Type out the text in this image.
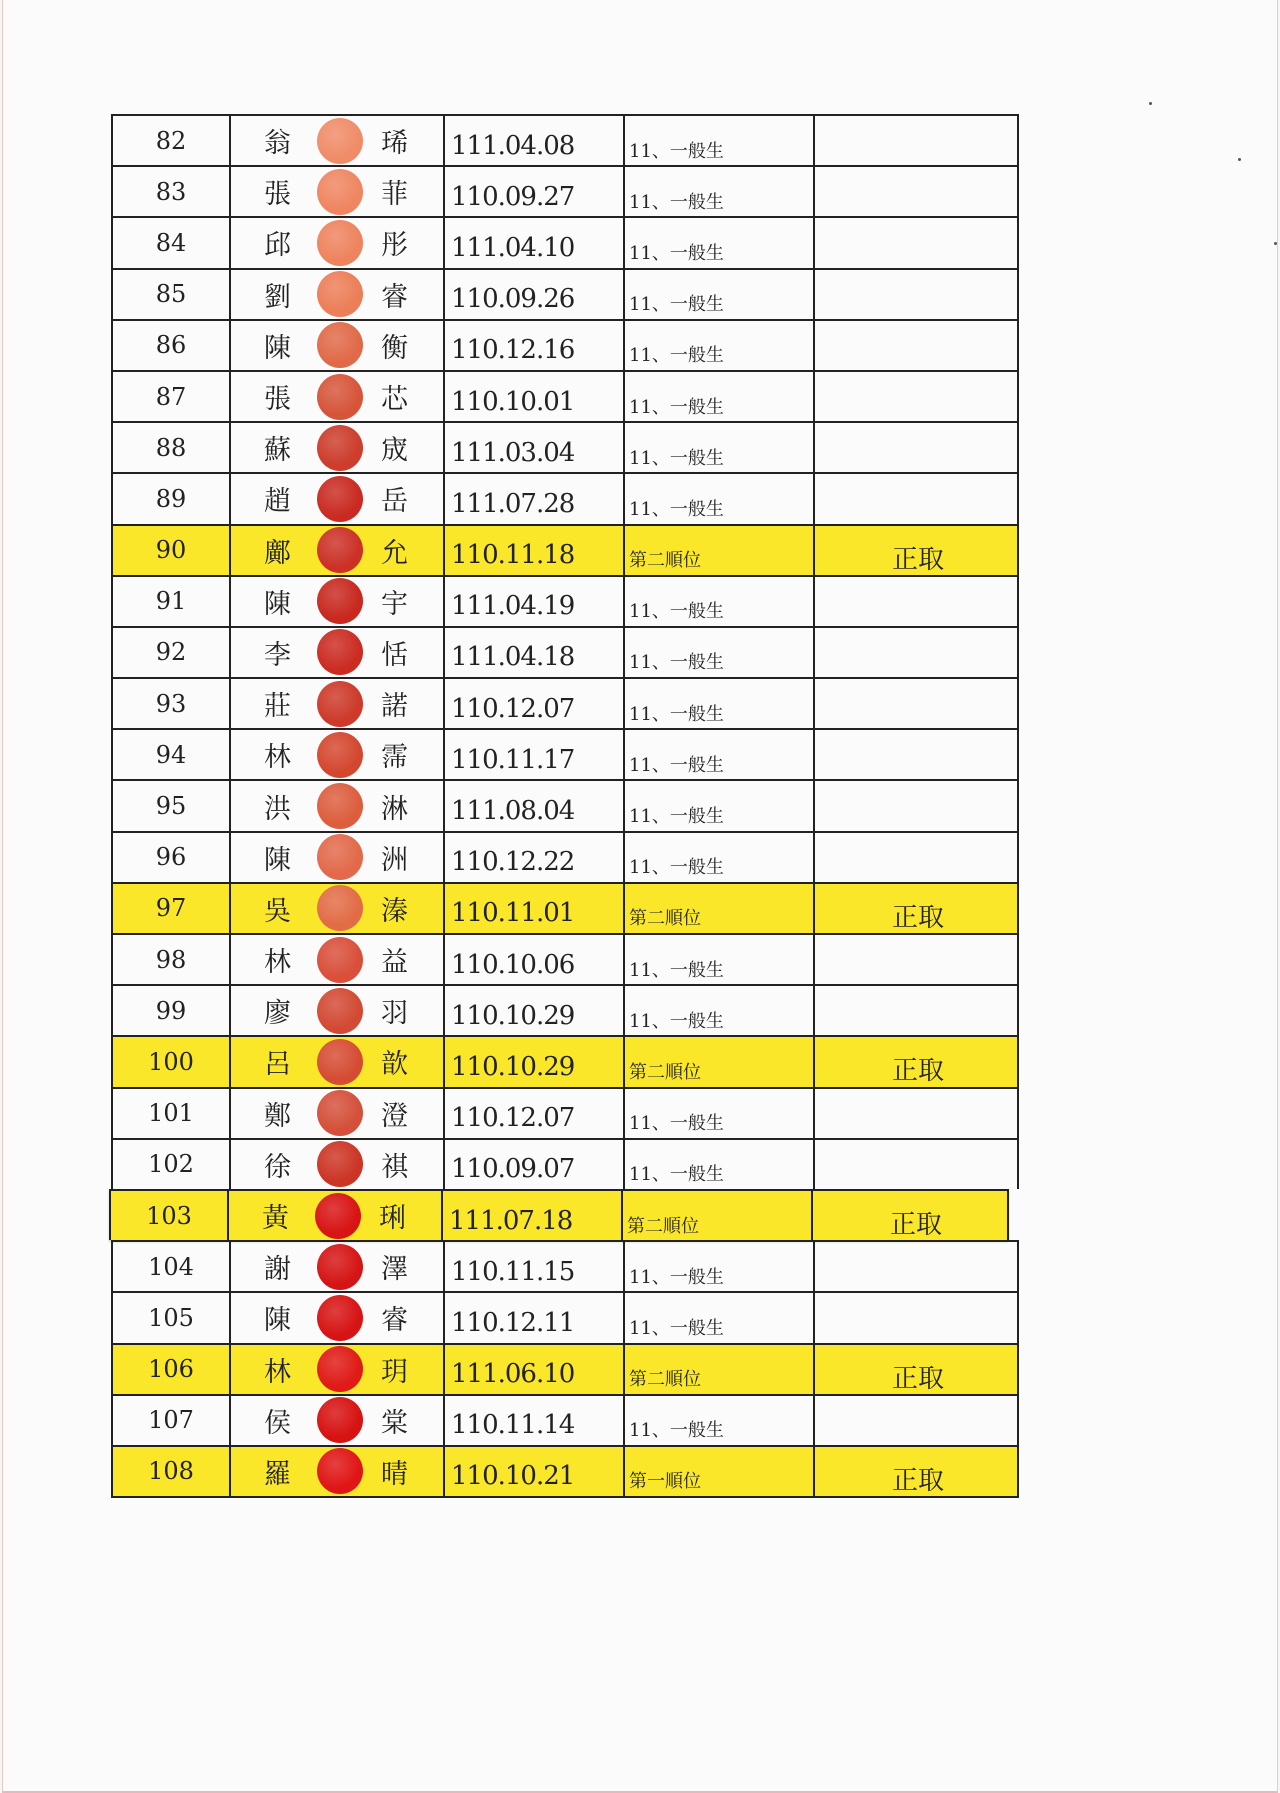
82	翁	琋 111.04.08	11、一般生
83	張	菲 110.09.27	11、一般生
84	邱	彤 111.04.10	11、一般生
85	劉	睿 110.09.26	11、一般生
86	陳	衡 110.12.16	11、一般生
87	張	芯 110.10.01	11、一般生
88	蘇	宬 111.03.04	11、一般生
89	趙	岳 111.07.28	11、一般生
90	鄺	允 110.11.18	第二順位	正取
91	陳	宇 111.04.19	11、一般生
92	李	恬 111.04.18	11、一般生
93	莊	諾 110.12.07	11、一般生
94	林	霈 110.11.17	11、一般生
95	洪	淋 111.08.04	11、一般生
96	陳	洲 110.12.22	11、一般生
97	吳	溱 110.11.01	第二順位	正取
98	林	益 110.10.06	11、一般生
99	廖	羽 110.10.29	11、一般生
100	呂	歆 110.10.29	第二順位	正取
101	鄭	澄 110.12.07	11、一般生
102	徐	祺 110.09.07	11、一般生
103	黃	琍 111.07.18	第二順位	正取
104	謝	澤 110.11.15	11、一般生
105	陳	睿 110.12.11	11、一般生
106	林	玥 111.06.10	第二順位	正取
107	侯	棠 110.11.14	11、一般生
108	羅	晴 110.10.21	第一順位	正取
